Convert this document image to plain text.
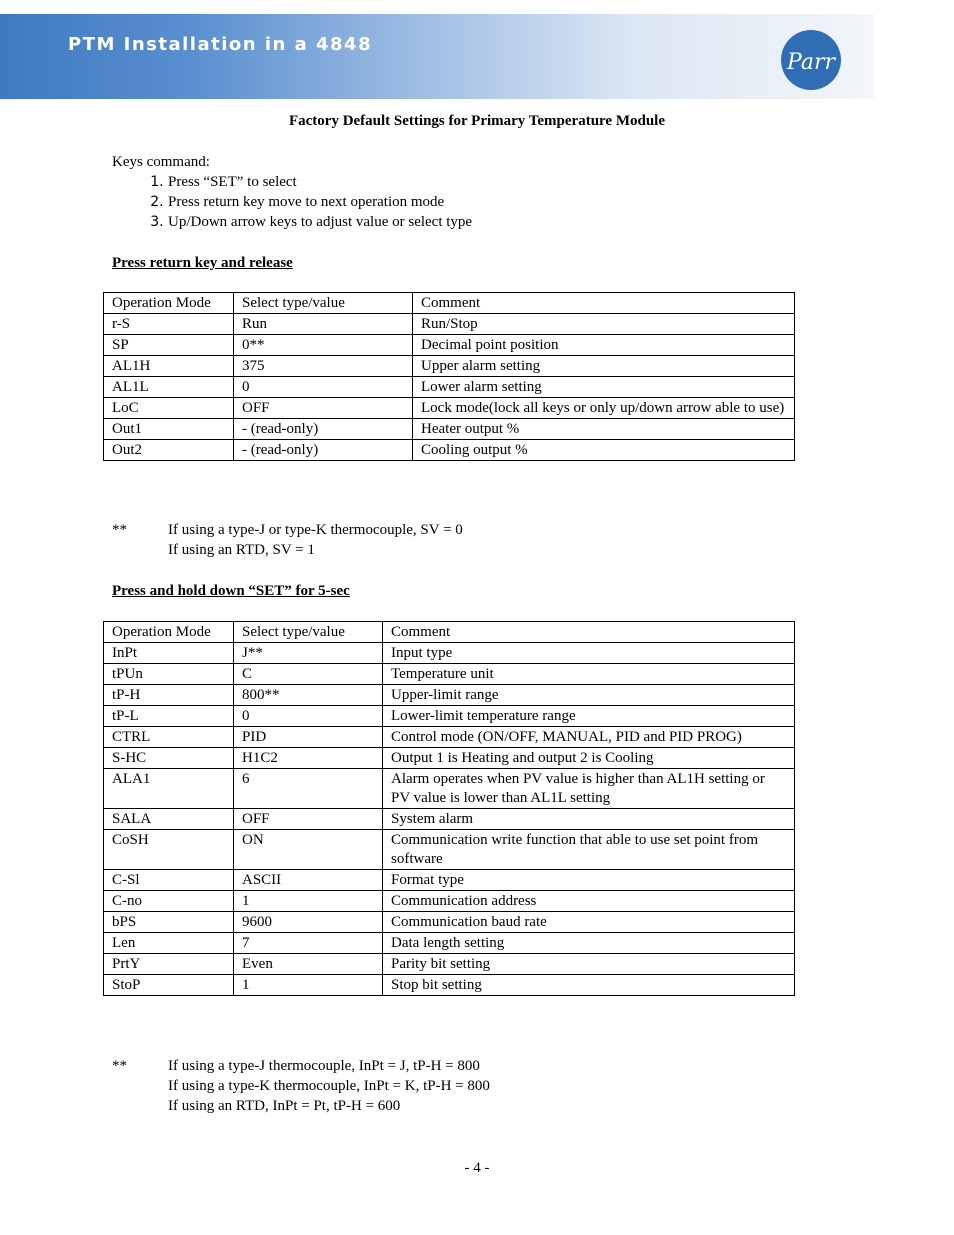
PTM Installation in a 4848
Parr
Factory Default Settings for Primary Temperature Module
Keys command:
1. Press “SET” to select
2. Press return key move to next operation mode
3. Up/Down arrow keys to adjust value or select type
Press return key and release
Operation Mode	Select type/value	Comment
r-S	Run	Run/Stop
SP	0**	Decimal point position
AL1H	375	Upper alarm setting
AL1L	0	Lower alarm setting
LoC	OFF	Lock mode(lock all keys or only up/down arrow able to use)
Out1	- (read-only)	Heater output %
Out2	- (read-only)	Cooling output %
**	If using a type-J or type-K thermocouple, SV = 0
If using an RTD, SV = 1
Press and hold down “SET” for 5-sec
Operation Mode	Select type/value	Comment
InPt	J**	Input type
tPUn	C	Temperature unit
tP-H	800**	Upper-limit range
tP-L	0	Lower-limit temperature range
CTRL	PID	Control mode (ON/OFF, MANUAL, PID and PID PROG)
S-HC	H1C2	Output 1 is Heating and output 2 is Cooling
ALA1	6	Alarm operates when PV value is higher than AL1H setting or PV value is lower than AL1L setting
SALA	OFF	System alarm
CoSH	ON	Communication write function that able to use set point from software
C-Sl	ASCII	Format type
C-no	1	Communication address
bPS	9600	Communication baud rate
Len	7	Data length setting
PrtY	Even	Parity bit setting
StoP	1	Stop bit setting
**	If using a type-J thermocouple, InPt = J, tP-H = 800
If using a type-K thermocouple, InPt = K, tP-H = 800
If using an RTD, InPt = Pt, tP-H = 600
- 4 -
